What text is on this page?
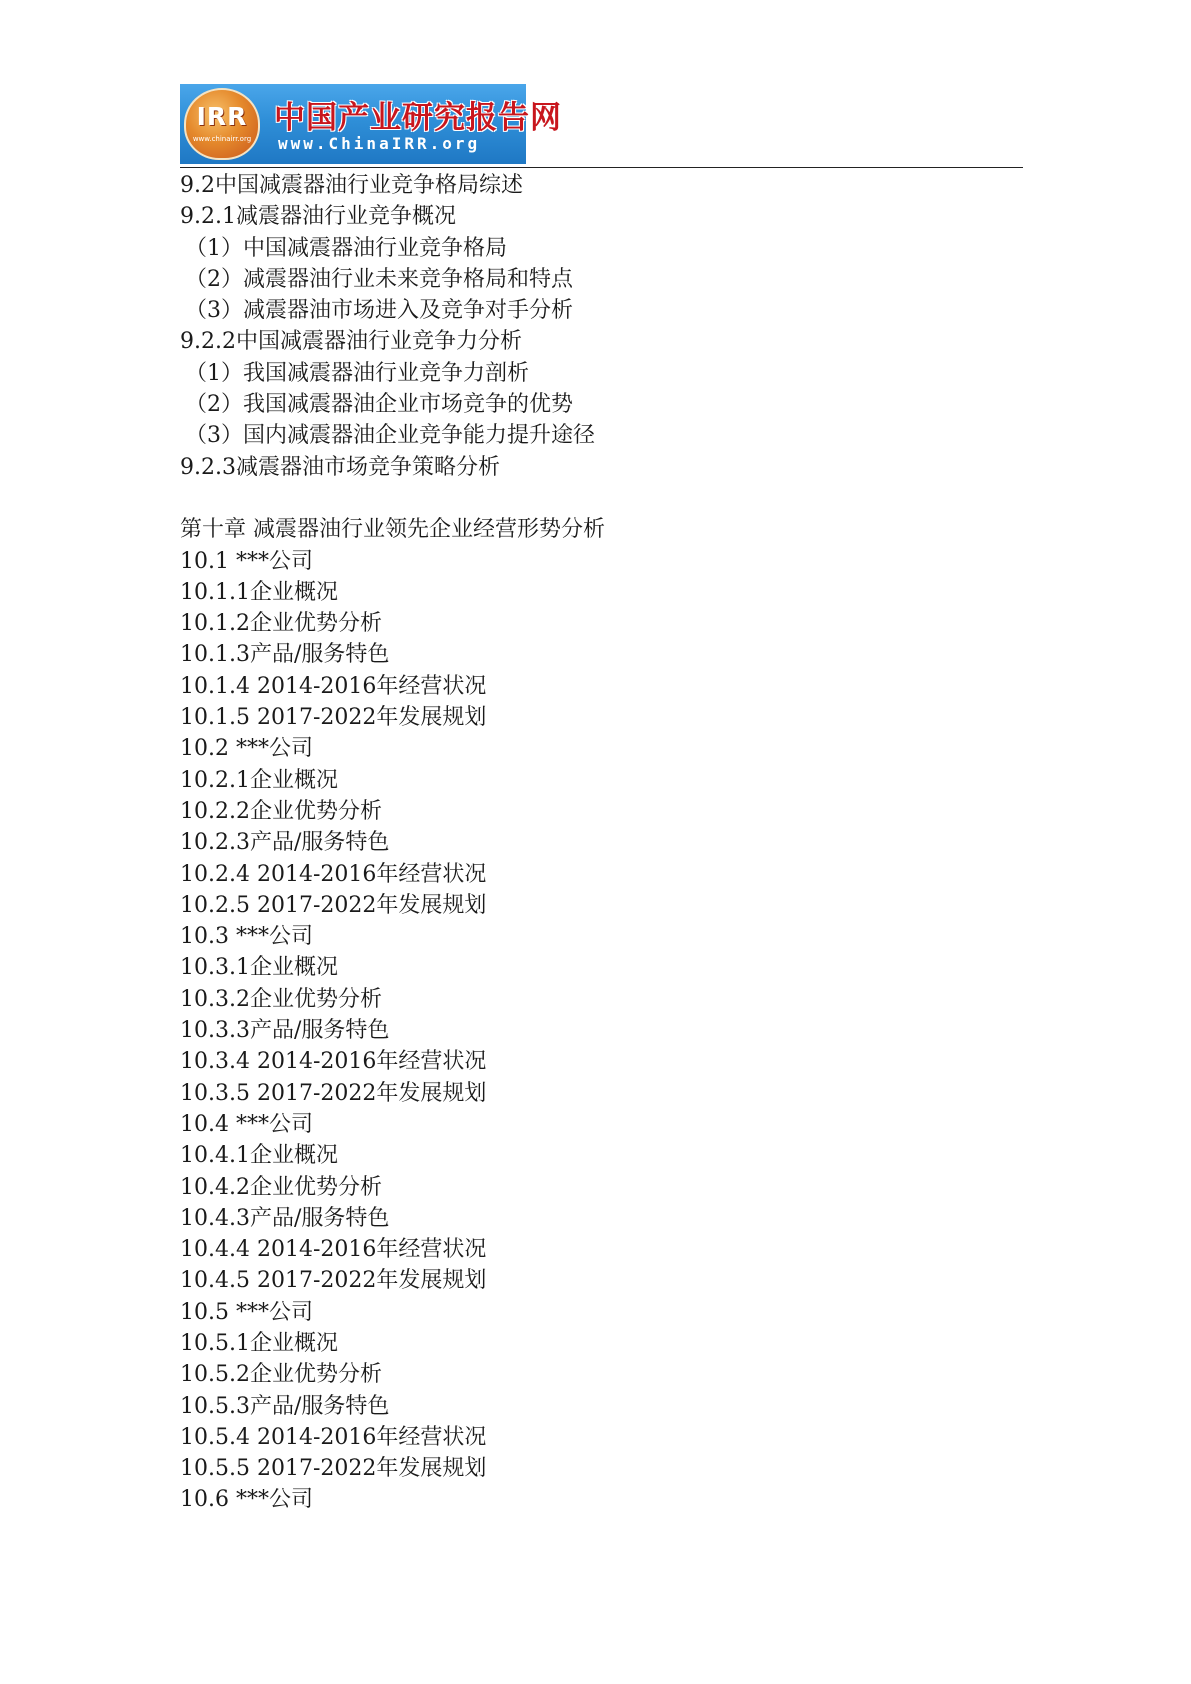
IRR
www.chinairr.org
中国产业研究报告网
www.ChinaIRR.org
9.2中国减震器油行业竞争格局综述
9.2.1减震器油行业竞争概况
（1）中国减震器油行业竞争格局
（2）减震器油行业未来竞争格局和特点
（3）减震器油市场进入及竞争对手分析
9.2.2中国减震器油行业竞争力分析
（1）我国减震器油行业竞争力剖析
（2）我国减震器油企业市场竞争的优势
（3）国内减震器油企业竞争能力提升途径
9.2.3减震器油市场竞争策略分析
第十章 减震器油行业领先企业经营形势分析
10.1 ***公司
10.1.1企业概况
10.1.2企业优势分析
10.1.3产品/服务特色
10.1.4 2014-2016年经营状况
10.1.5 2017-2022年发展规划
10.2 ***公司
10.2.1企业概况
10.2.2企业优势分析
10.2.3产品/服务特色
10.2.4 2014-2016年经营状况
10.2.5 2017-2022年发展规划
10.3 ***公司
10.3.1企业概况
10.3.2企业优势分析
10.3.3产品/服务特色
10.3.4 2014-2016年经营状况
10.3.5 2017-2022年发展规划
10.4 ***公司
10.4.1企业概况
10.4.2企业优势分析
10.4.3产品/服务特色
10.4.4 2014-2016年经营状况
10.4.5 2017-2022年发展规划
10.5 ***公司
10.5.1企业概况
10.5.2企业优势分析
10.5.3产品/服务特色
10.5.4 2014-2016年经营状况
10.5.5 2017-2022年发展规划
10.6 ***公司
